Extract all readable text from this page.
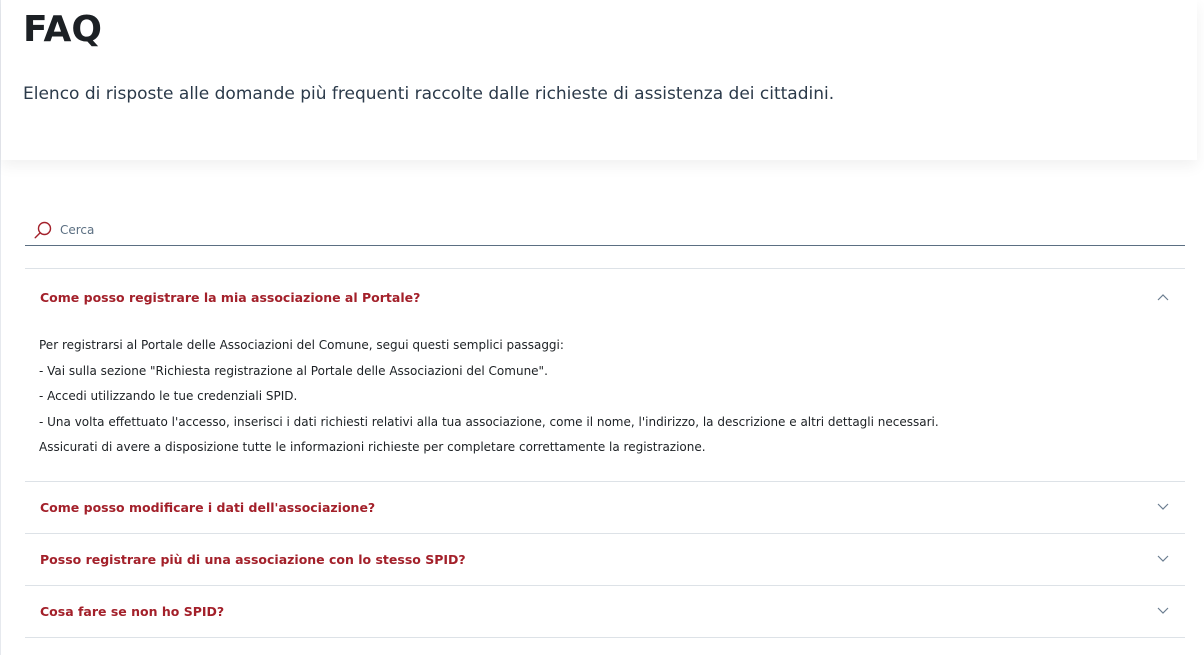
FAQ

Elenco di risposte alle domande più frequenti raccolte dalle richieste di assistenza dei cittadini.

Cerca
Come posso registrare la mia associazione al Portale?
Per registrarsi al Portale delle Associazioni del Comune, segui questi semplici passaggi:
- Vai sulla sezione "Richiesta registrazione al Portale delle Associazioni del Comune".
- Accedi utilizzando le tue credenziali SPID.
- Una volta effettuato l'accesso, inserisci i dati richiesti relativi alla tua associazione, come il nome, l'indirizzo, la descrizione e altri dettagli necessari.
Assicurati di avere a disposizione tutte le informazioni richieste per completare correttamente la registrazione.
Come posso modificare i dati dell'associazione?
Posso registrare più di una associazione con lo stesso SPID?
Cosa fare se non ho SPID?
